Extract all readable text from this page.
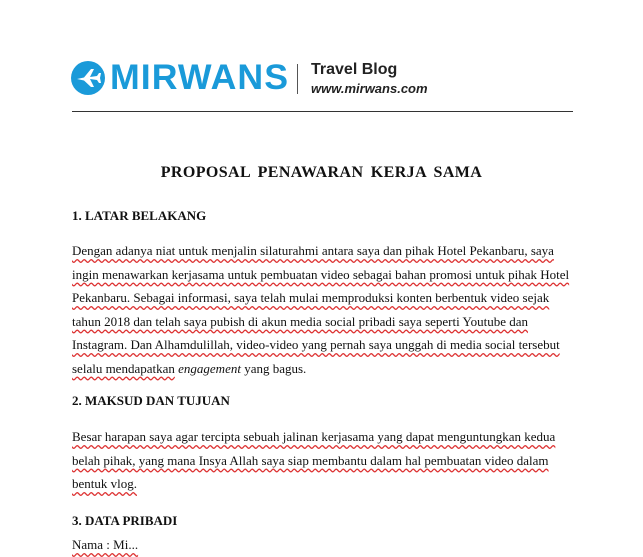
MIRWANS Travel Blog
www.mirwans.com
PROPOSAL PENAWARAN KERJA SAMA
1. LATAR BELAKANG
Dengan adanya niat untuk menjalin silaturahmi antara saya dan pihak Hotel Pekanbaru, saya
ingin menawarkan kerjasama untuk pembuatan video sebagai bahan promosi untuk pihak Hotel
Pekanbaru. Sebagai informasi, saya telah mulai memproduksi konten berbentuk video sejak
tahun 2018 dan telah saya pubish di akun media social pribadi saya seperti Youtube dan
Instagram. Dan Alhamdulillah, video-video yang pernah saya unggah di media social tersebut
selalu mendapatkan engagement yang bagus.
2. MAKSUD DAN TUJUAN
Besar harapan saya agar tercipta sebuah jalinan kerjasama yang dapat menguntungkan kedua
belah pihak, yang mana Insya Allah saya siap membantu dalam hal pembuatan video dalam
bentuk vlog.
3. DATA PRIBADI
Nama : Mi...
